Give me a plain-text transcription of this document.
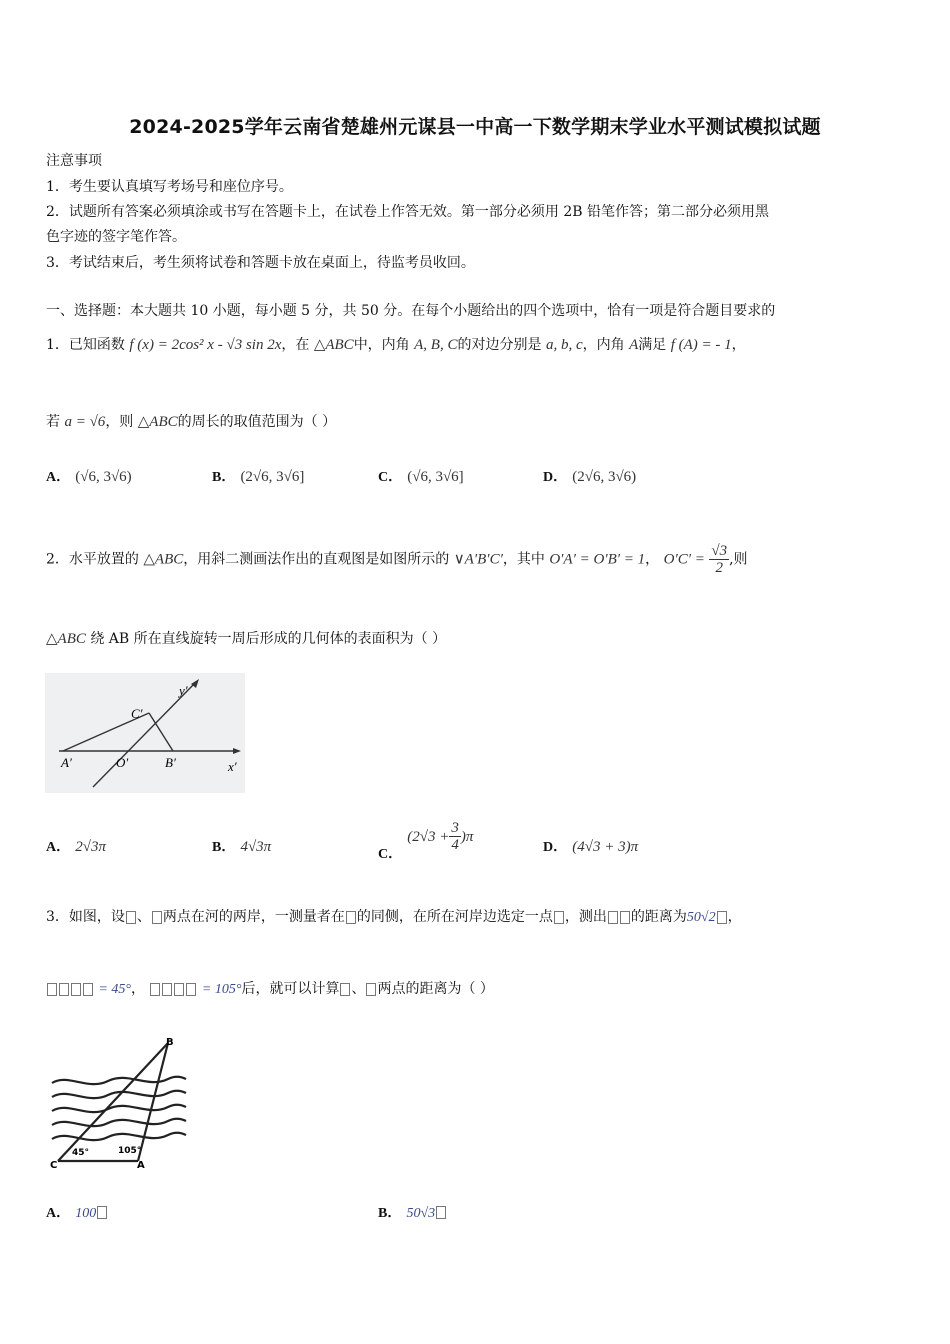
2024-2025学年云南省楚雄州元谋县一中高一下数学期末学业水平测试模拟试题
注意事项
1．考生要认真填写考场号和座位序号。
2．试题所有答案必须填涂或书写在答题卡上，在试卷上作答无效。第一部分必须用 2B 铅笔作答；第二部分必须用黑
色字迹的签字笔作答。
3．考试结束后，考生须将试卷和答题卡放在桌面上，待监考员收回。
一、选择题：本大题共 10 小题，每小题 5 分，共 50 分。在每个小题给出的四个选项中，恰有一项是符合题目要求的
1．已知函数 f (x) = 2cos² x - √3 sin 2x，在 △ABC中，内角 A, B, C的对边分别是 a, b, c，内角 A满足 f (A) = - 1，
若 a = √6，则 △ABC的周长的取值范围为（ ）
A． (√6, 3√6)	B． (2√6, 3√6]	C． (√6, 3√6]	D． (2√6, 3√6)
2．水平放置的 △ABC，用斜二测画法作出的直观图是如图所示的 ∨A′B′C′，其中 O′A′ = O′B′ = 1， $O'C' = \frac{√3}{2}$ ,则
△ABC 绕 AB 所在直线旋转一周后形成的几何体的表面积为（ ）
y′
x′
A′	O′	B′
C′
A． 2√3π	B． 4√3π	C． $(2√3 + \frac{3}{4} )\pi$
D． (4√3 + 3)π
3．如图，设 、 两点在河的两岸，一测量者在 的同侧，在所在河岸边选定一点 ，测出 的距离为50√2 ，
= 45°，	= 105°后，就可以计算 、 两点的距离为（ ）
B
C	A
45°	105°
A． 100	B． 50√3
